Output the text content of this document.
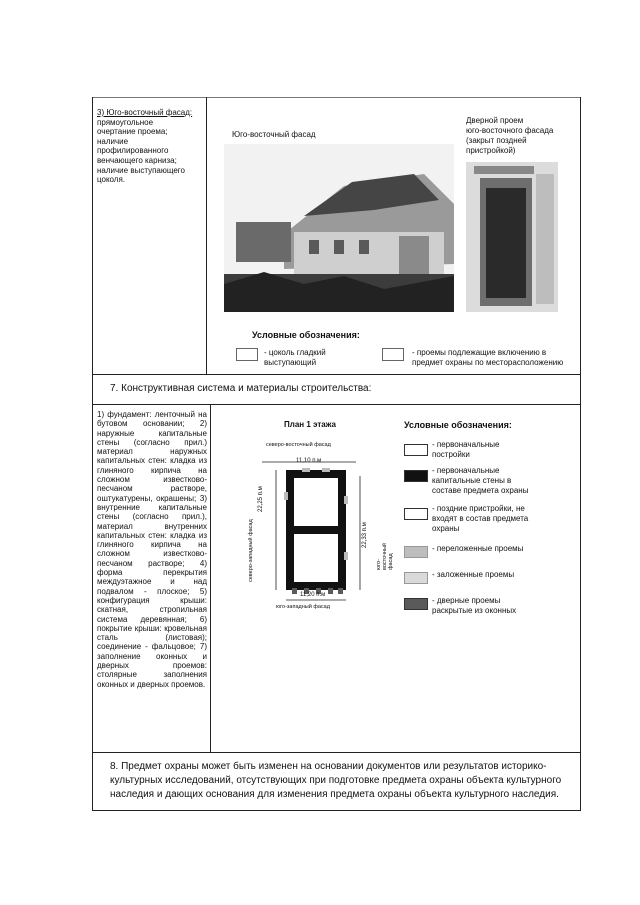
3) Юго-восточный фасад:
прямоугольное
очертание проема;
наличие
профилированного
венчающего карниза;
наличие выступающего
цоколя.
Юго-восточный фасад
Дверной проем
юго-восточного фасада
(закрыт поздней
пристройкой)
Условные обозначения:
- цоколь гладкий
выступающий
- проемы подлежащие включению в
предмет охраны по месторасположению
7. Конструктивная система и материалы строительства:
1) фундамент: ленточный на бутовом основании; 2) наружные капитальные стены (согласно прил.) материал наружных капитальных стен: кладка из глиняного кирпича на сложном известково-песчаном растворе, оштукатурены, окрашены; 3) внутренние капитальные стены (согласно прил.), материал внутренних капитальных стен: кладка из глиняного кирпича на сложном известково-песчаном растворе; 4) форма перекрытия междуэтажное и над подвалом - плоское; 5) конфигурация крыши: скатная, стропильная система деревянная; 6) покрытие крыши: кровельная сталь (листовая); соединение - фальцовое; 7) заполнение оконных и дверных проемов: столярные заполнения оконных и дверных проемов.
План 1 этажа
северо-восточный фасад
11,10 п.м
22,25 п.м
северо-западный фасад	22,33 п.м
юго-восточный фасад
11,20 п.м
юго-западный фасад
Условные обозначения:
- первоначальные
постройки
- первоначальные
капитальные стены в
составе предмета охраны
- поздние пристройки, не
входят в состав предмета
охраны
- переложенные проемы
- заложенные проемы
- дверные проемы
раскрытые из оконных
8. Предмет охраны может быть изменен на основании документов или результатов историко-культурных исследований, отсутствующих при подготовке предмета охраны объекта культурного наследия и дающих основания для изменения предмета охраны объекта культурного наследия.
